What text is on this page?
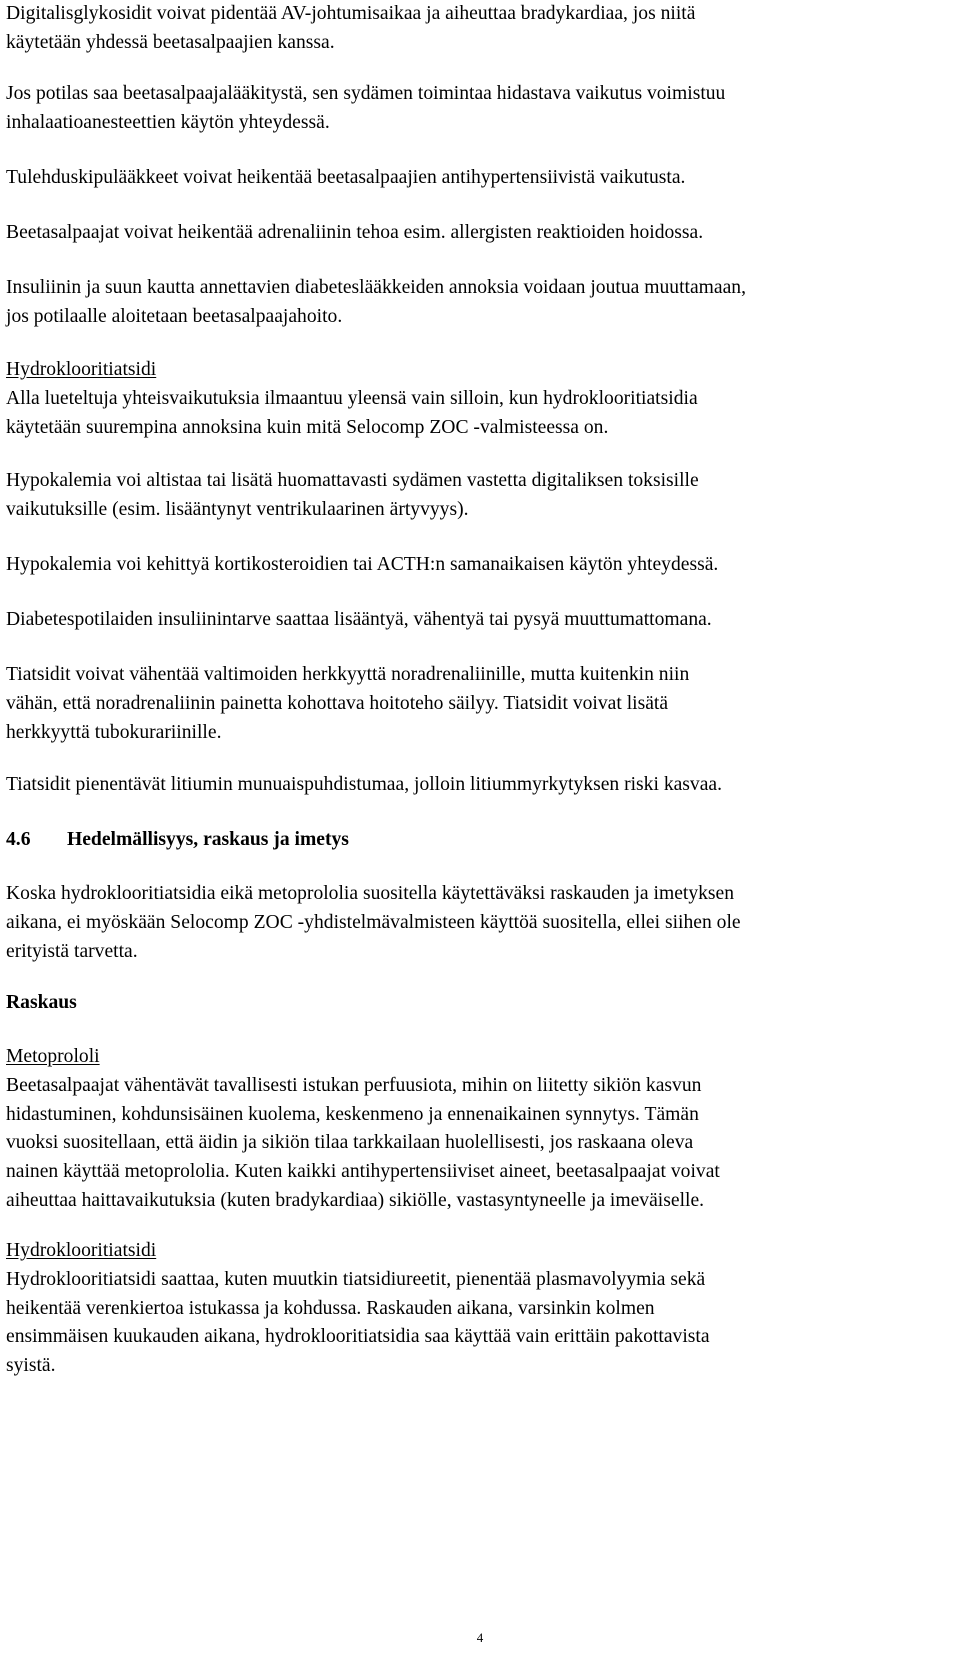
Digitalisglykosidit voivat pidentää AV-johtumisaikaa ja aiheuttaa bradykardiaa, jos niitä
käytetään yhdessä beetasalpaajien kanssa.

Jos potilas saa beetasalpaajalääkitystä, sen sydämen toimintaa hidastava vaikutus voimistuu
inhalaatioanesteettien käytön yhteydessä.

Tulehduskipulääkkeet voivat heikentää beetasalpaajien antihypertensiivistä vaikutusta.

Beetasalpaajat voivat heikentää adrenaliinin tehoa esim. allergisten reaktioiden hoidossa.

Insuliinin ja suun kautta annettavien diabeteslääkkeiden annoksia voidaan joutua muuttamaan,
jos potilaalle aloitetaan beetasalpaajahoito.

Hydroklooritiatsidi
Alla lueteltuja yhteisvaikutuksia ilmaantuu yleensä vain silloin, kun hydroklooritiatsidia
käytetään suurempina annoksina kuin mitä Selocomp ZOC -valmisteessa on.

Hypokalemia voi altistaa tai lisätä huomattavasti sydämen vastetta digitaliksen toksisille
vaikutuksille (esim. lisääntynyt ventrikulaarinen ärtyvyys).

Hypokalemia voi kehittyä kortikosteroidien tai ACTH:n samanaikaisen käytön yhteydessä.

Diabetespotilaiden insuliinintarve saattaa lisääntyä, vähentyä tai pysyä muuttumattomana.

Tiatsidit voivat vähentää valtimoiden herkkyyttä noradrenaliinille, mutta kuitenkin niin
vähän, että noradrenaliinin painetta kohottava hoitoteho säilyy. Tiatsidit voivat lisätä
herkkyyttä tubokurariinille.

Tiatsidit pienentävät litiumin munuaispuhdistumaa, jolloin litiummyrkytyksen riski kasvaa.

4.6 Hedelmällisyys, raskaus ja imetys

Koska hydroklooritiatsidia eikä metoprololia suositella käytettäväksi raskauden ja imetyksen
aikana, ei myöskään Selocomp ZOC -yhdistelmävalmisteen käyttöä suositella, ellei siihen ole
erityistä tarvetta.

Raskaus

Metoprololi
Beetasalpaajat vähentävät tavallisesti istukan perfuusiota, mihin on liitetty sikiön kasvun
hidastuminen, kohdunsisäinen kuolema, keskenmeno ja ennenaikainen synnytys. Tämän
vuoksi suositellaan, että äidin ja sikiön tilaa tarkkailaan huolellisesti, jos raskaana oleva
nainen käyttää metoprololia. Kuten kaikki antihypertensiiviset aineet, beetasalpaajat voivat
aiheuttaa haittavaikutuksia (kuten bradykardiaa) sikiölle, vastasyntyneelle ja imeväiselle.

Hydroklooritiatsidi
Hydroklooritiatsidi saattaa, kuten muutkin tiatsidiureetit, pienentää plasmavolyymia sekä
heikentää verenkiertoa istukassa ja kohdussa. Raskauden aikana, varsinkin kolmen
ensimmäisen kuukauden aikana, hydroklooritiatsidia saa käyttää vain erittäin pakottavista
syistä.

4
